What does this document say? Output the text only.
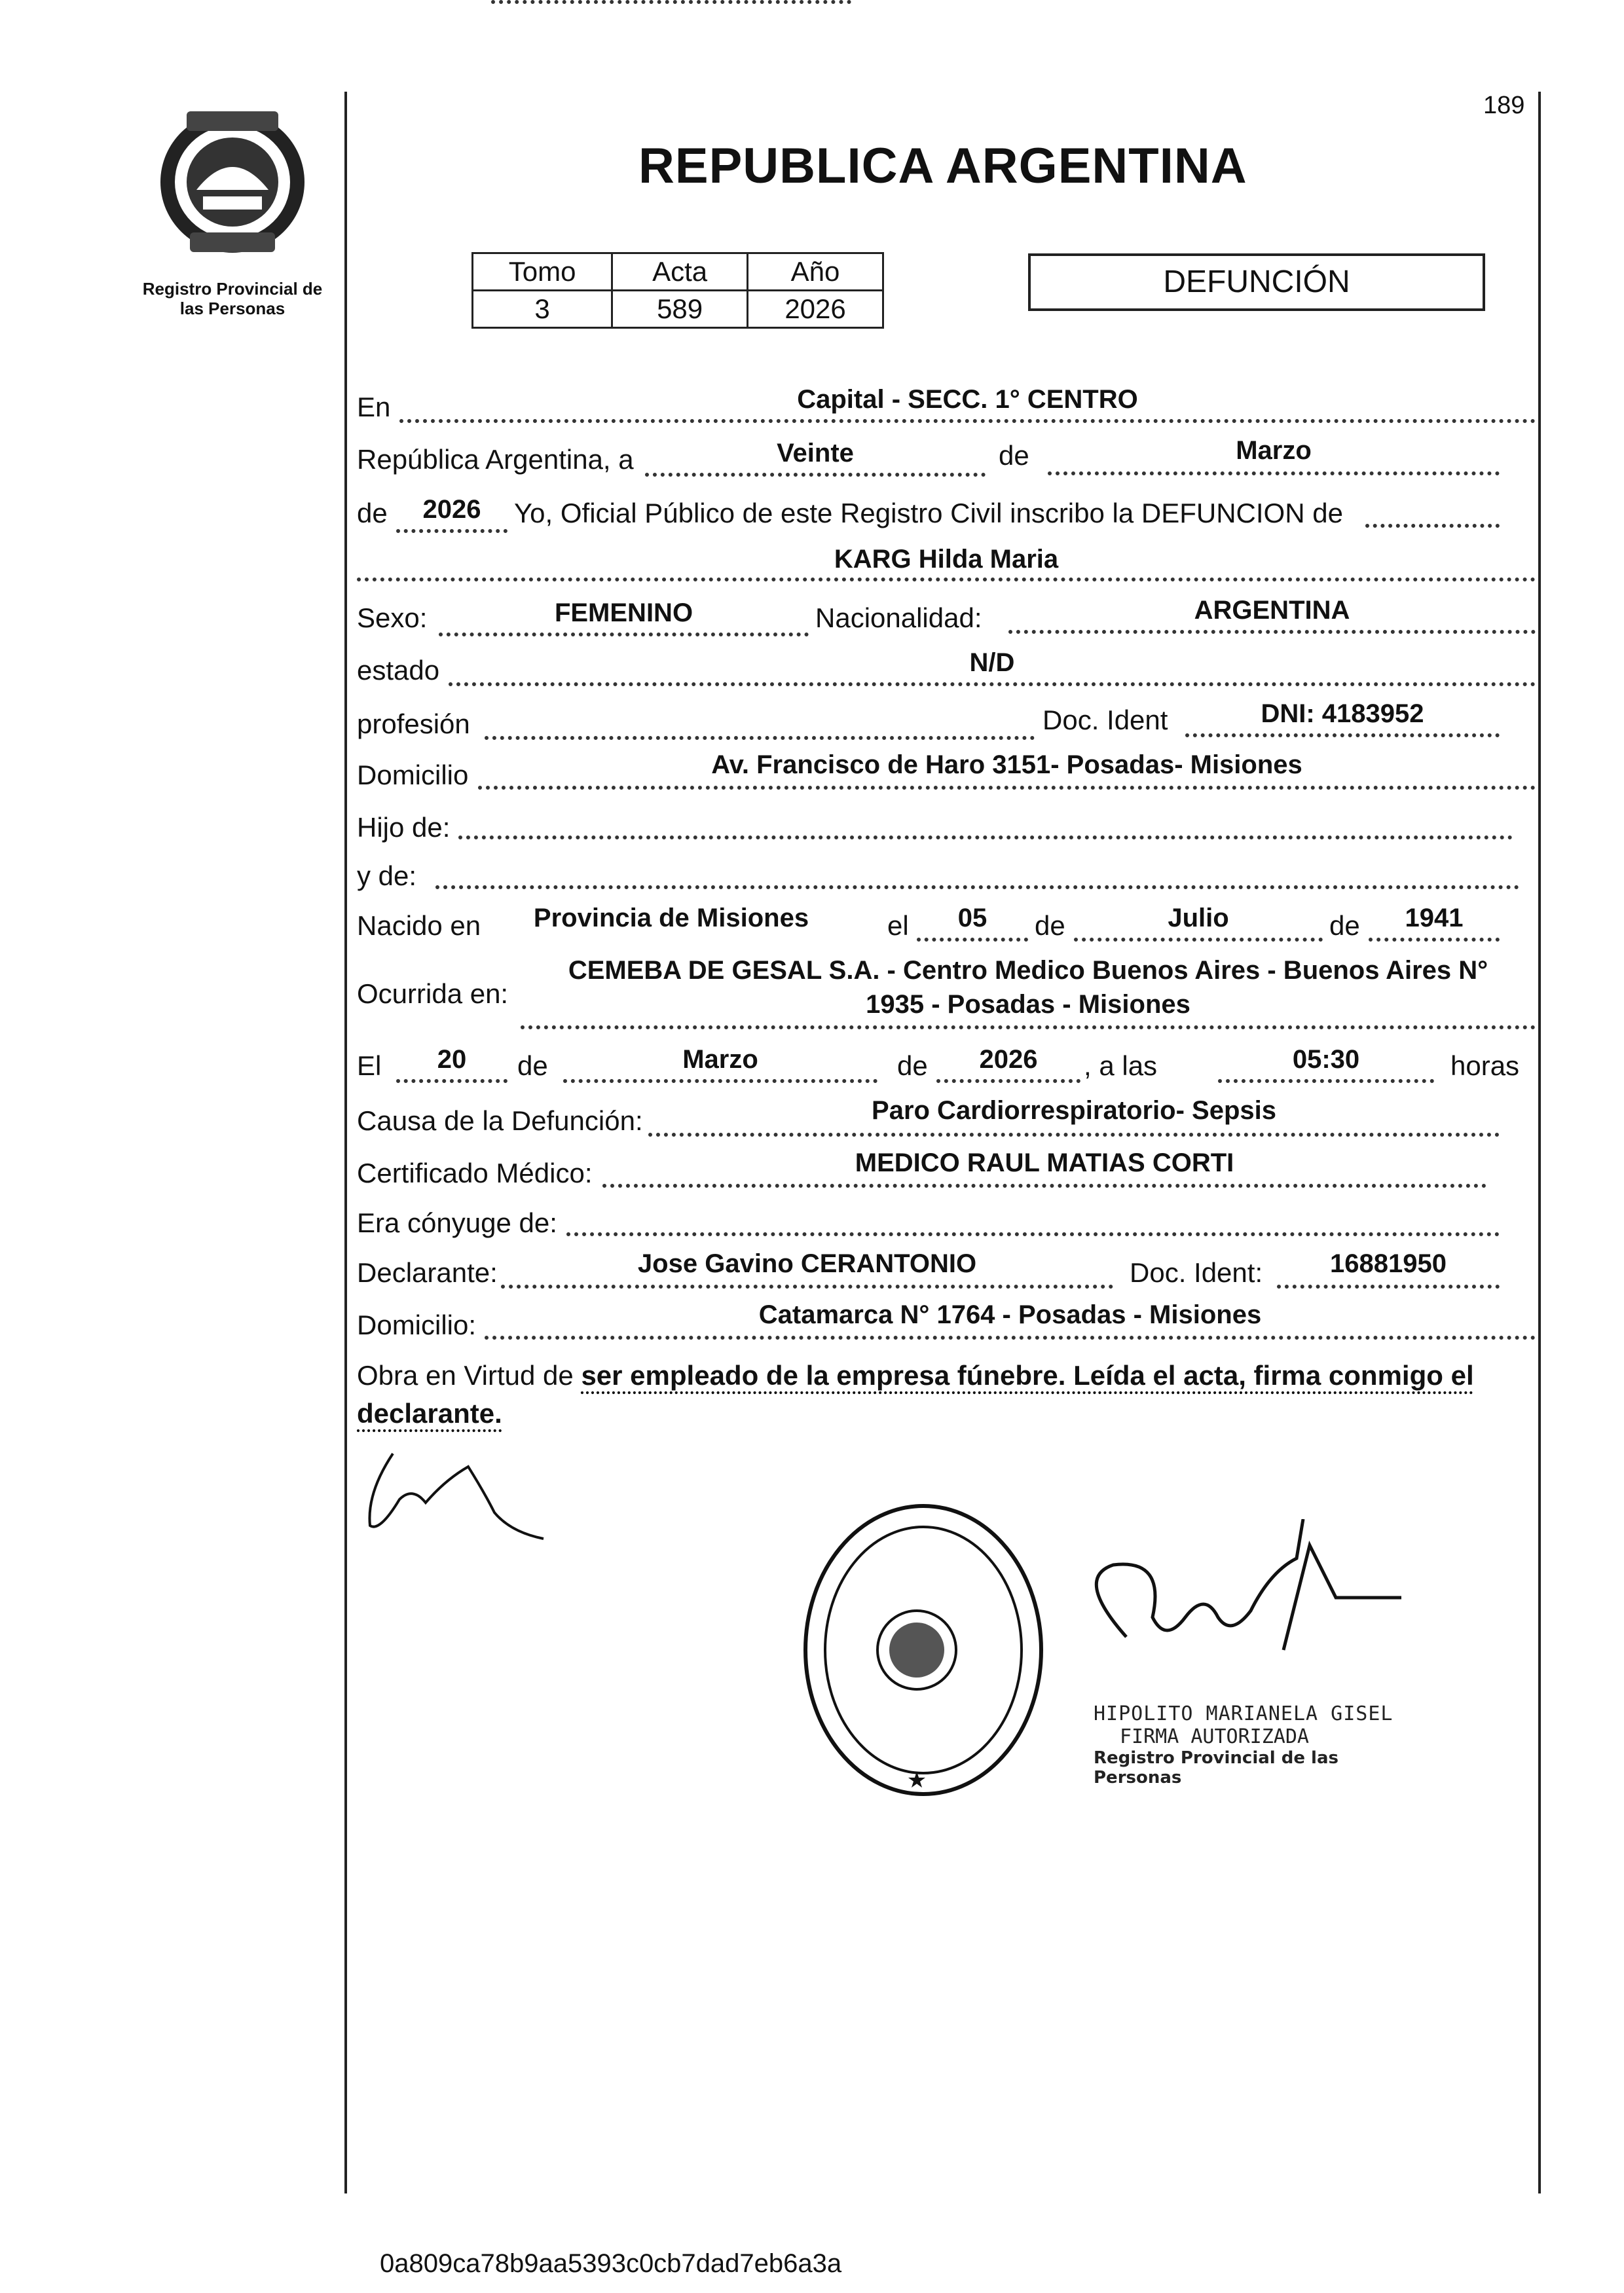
189
Registro Provincial de
las Personas
REPUBLICA ARGENTINA
Tomo	Acta	Año
3	589	2026
DEFUNCIÓN
En	Capital - SECC. 1° CENTRO
República Argentina, a	Veinte	de	Marzo
de	2026	Yo, Oficial Público de este Registro Civil inscribo la DEFUNCION de
KARG Hilda Maria
Sexo:	FEMENINO	Nacionalidad:	ARGENTINA
estado	N/D
profesión	Doc. Ident	DNI: 4183952
Domicilio	Av. Francisco de Haro 3151- Posadas- Misiones
Hijo de:
y de:
Nacido en	Provincia de Misiones	el	05	de	Julio	de	1941
Ocurrida en:
CEMEBA DE GESAL S.A. - Centro Medico Buenos Aires - Buenos Aires N°
1935 - Posadas - Misiones
El	20	de	Marzo	de	2026	, a las	05:30	horas
Causa de la Defunción:	Paro Cardiorrespiratorio- Sepsis
Certificado Médico:	MEDICO RAUL MATIAS CORTI
Era cónyuge de:
Declarante:	Jose Gavino CERANTONIO	Doc. Ident:	16881950
Domicilio:	Catamarca N° 1764 - Posadas - Misiones
Obra en Virtud de ser empleado de la empresa fúnebre. Leída el acta, firma conmigo el
declarante.
★
HIPOLITO MARIANELA GISEL
FIRMA AUTORIZADA
Registro Provincial de las Personas
0a809ca78b9aa5393c0cb7dad7eb6a3a
